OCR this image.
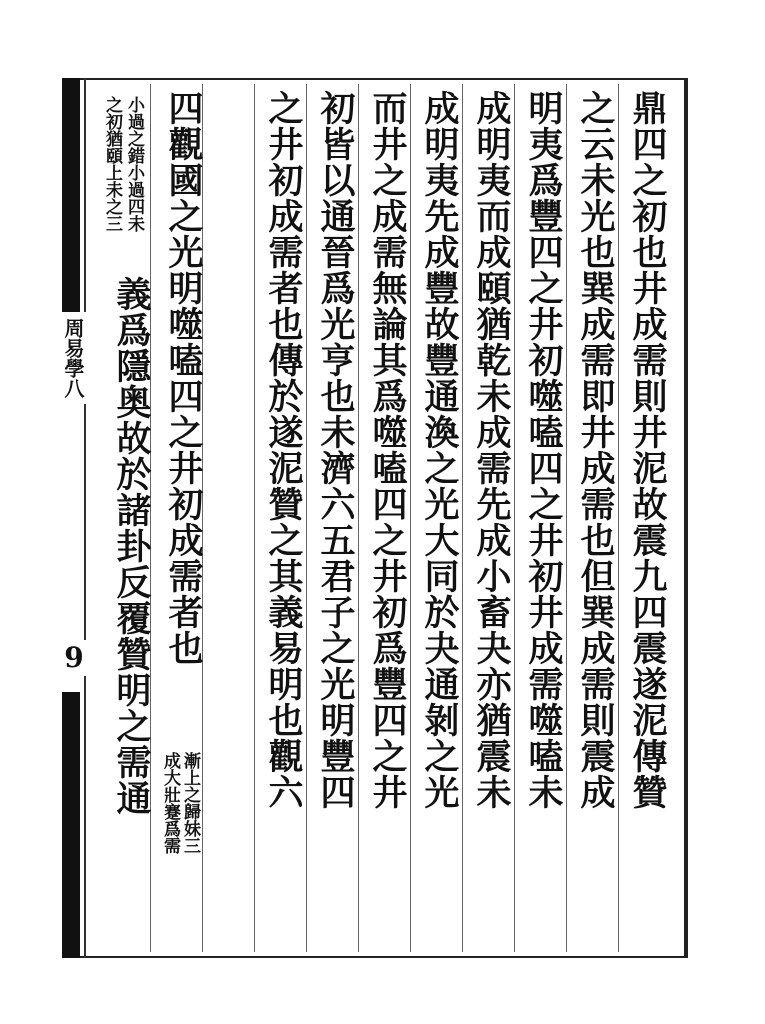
周易學八
9	鼎四之初也井成需則井泥故震九四震遂泥傳贊
之云未光也巽成需即井成需也但巽成需則震成
明夷爲豐四之井初噬嗑四之井初井成需噬嗑未
成明夷而成頤猶乾未成需先成小畜夬亦猶震未
成明夷先成豐故豐通渙之光大同於夬通剝之光
而井之成需無論其爲噬嗑四之井初爲豐四之井
初皆以通晉爲光亨也未濟六五君子之光明豐四
之井初成需者也傳於遂泥贊之其義易明也觀六
四觀國之光明噬嗑四之井初成需者也
漸上之歸妹三
成大壯蹇爲需
小過之錯小過四未
之初猶頤上未之三
義爲隱奥故於諸卦反覆贊明之需通
